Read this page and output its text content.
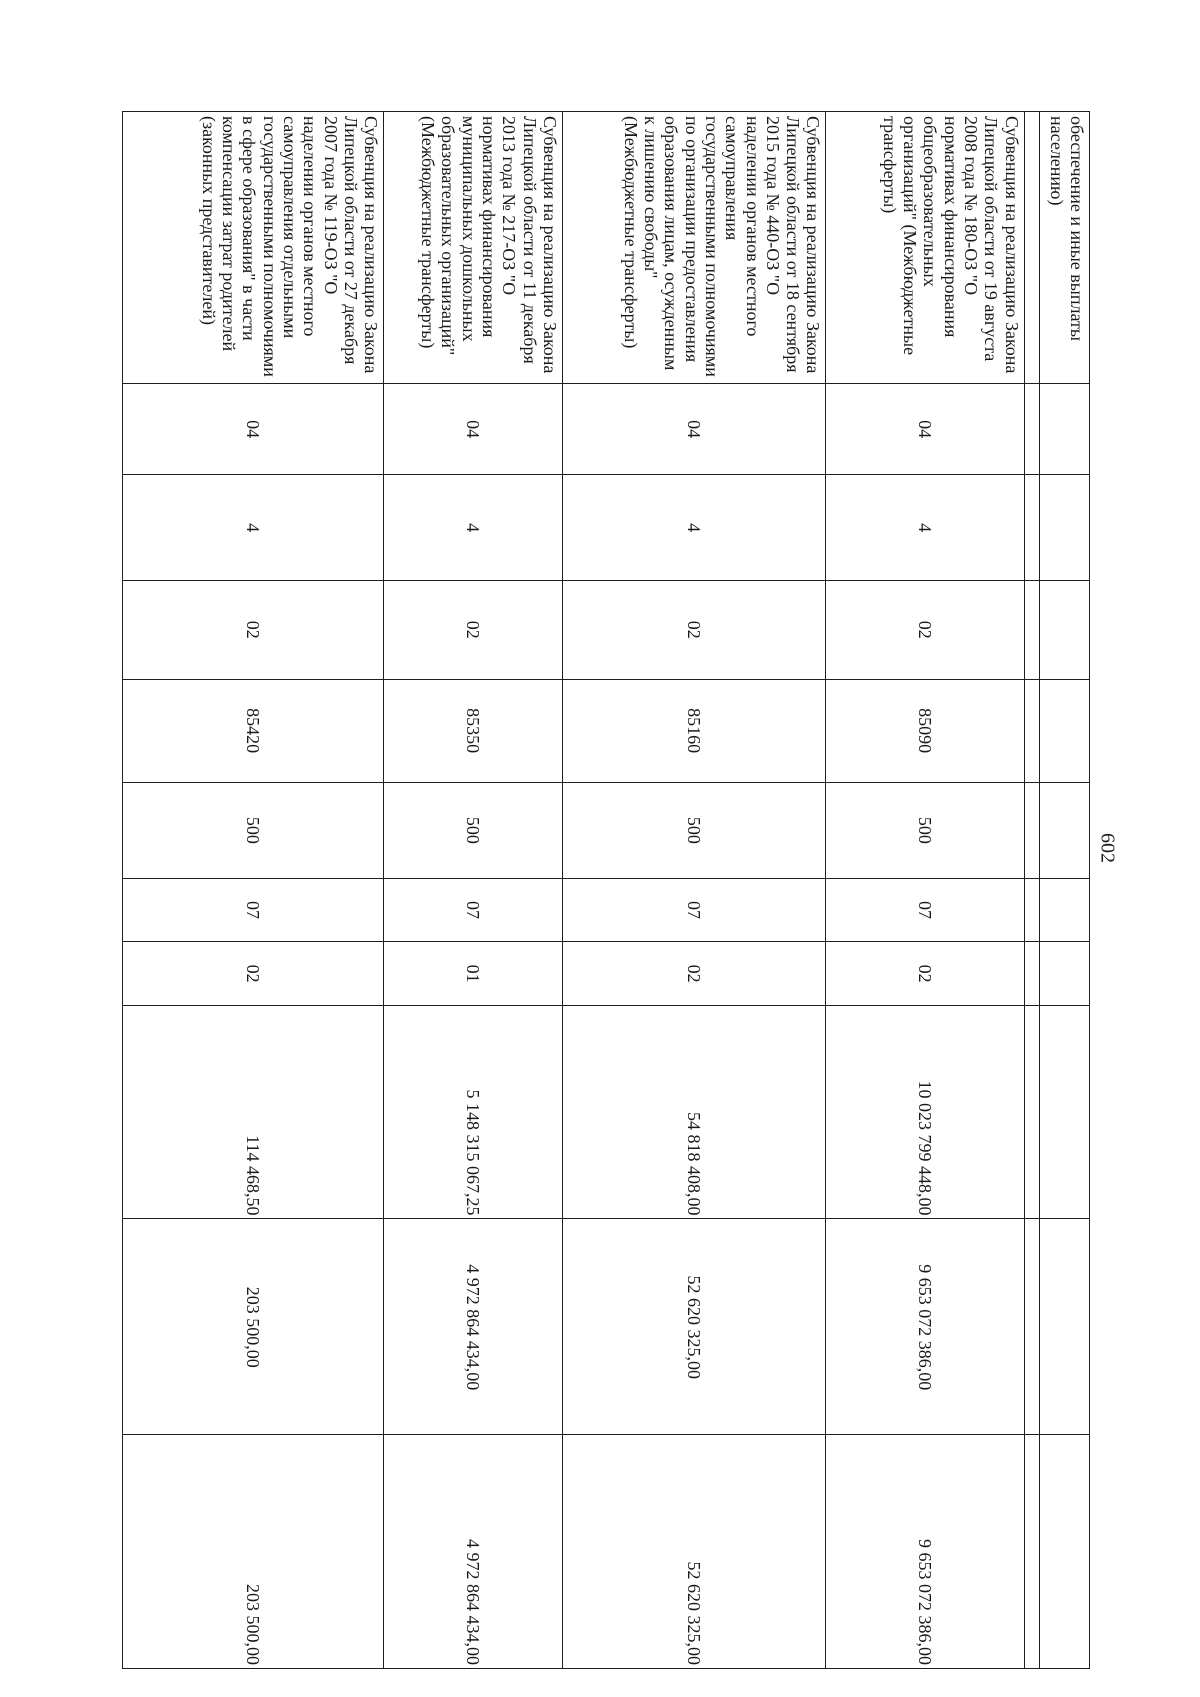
602
обеспечение и иные выплаты населению)										

Субвенция на реализацию Закона Липецкой области от 19 августа 2008 года № 180-ОЗ "О нормативах финансирования общеобразовательных организаций" (Межбюджетные трансферты)	04	4	02	85090	500	07	02	10 023 799 448,00	9 653 072 386,00	9 653 072 386,00
Субвенция на реализацию Закона Липецкой области от 18 сентября 2015 года № 440-ОЗ "О наделении органов местного самоуправления государственными полномочиями по организации предоставления образования лицам, осужденным к лишению свободы" (Межбюджетные трансферты)	04	4	02	85160	500	07	02	54 818 408,00	52 620 325,00	52 620 325,00
Субвенция на реализацию Закона Липецкой области от 11 декабря 2013 года № 217-ОЗ "О нормативах финансирования муниципальных дошкольных образовательных организаций" (Межбюджетные трансферты)	04	4	02	85350	500	07	01	5 148 315 067,25	4 972 864 434,00	4 972 864 434,00
Субвенция на реализацию Закона Липецкой области от 27 декабря 2007 года № 119-ОЗ "О наделении органов местного самоуправления отдельными государственными полномочиями в сфере образования" в части компенсации затрат родителей (законных представителей)	04	4	02	85420	500	07	02	114 468,50	203 500,00	203 500,00
